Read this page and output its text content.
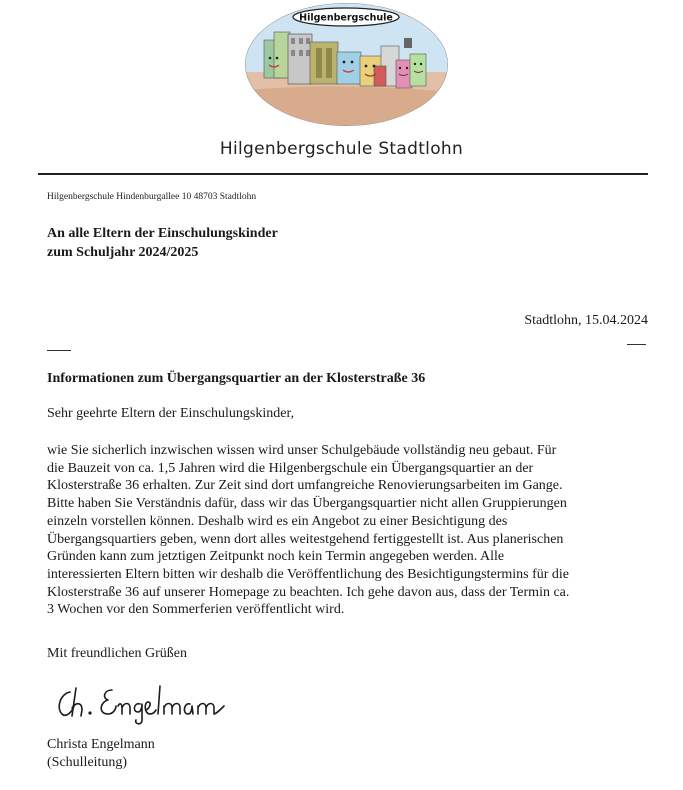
Hilgenbergschule
Hilgenbergschule Stadtlohn
Hilgenbergschule Hindenburgallee 10 48703 Stadtlohn
An alle Eltern der Einschulungskinder
zum Schuljahr 2024/2025
Stadtlohn, 15.04.2024
Informationen zum Übergangsquartier an der Klosterstraße 36
Sehr geehrte Eltern der Einschulungskinder,
wie Sie sicherlich inzwischen wissen wird unser Schulgebäude vollständig neu gebaut. Für
die Bauzeit von ca. 1,5 Jahren wird die Hilgenbergschule ein Übergangsquartier an der
Klosterstraße 36 erhalten. Zur Zeit sind dort umfangreiche Renovierungsarbeiten im Gange.
Bitte haben Sie Verständnis dafür, dass wir das Übergangsquartier nicht allen Gruppierungen
einzeln vorstellen können. Deshalb wird es ein Angebot zu einer Besichtigung des
Übergangsquartiers geben, wenn dort alles weitestgehend fertiggestellt ist. Aus planerischen
Gründen kann zum jetztigen Zeitpunkt noch kein Termin angegeben werden. Alle
interessierten Eltern bitten wir deshalb die Veröffentlichung des Besichtigungstermins für die
Klosterstraße 36 auf unserer Homepage zu beachten. Ich gehe davon aus, dass der Termin ca.
3 Wochen vor den Sommerferien veröffentlicht wird.
Mit freundlichen Grüßen
Christa Engelmann
(Schulleitung)
